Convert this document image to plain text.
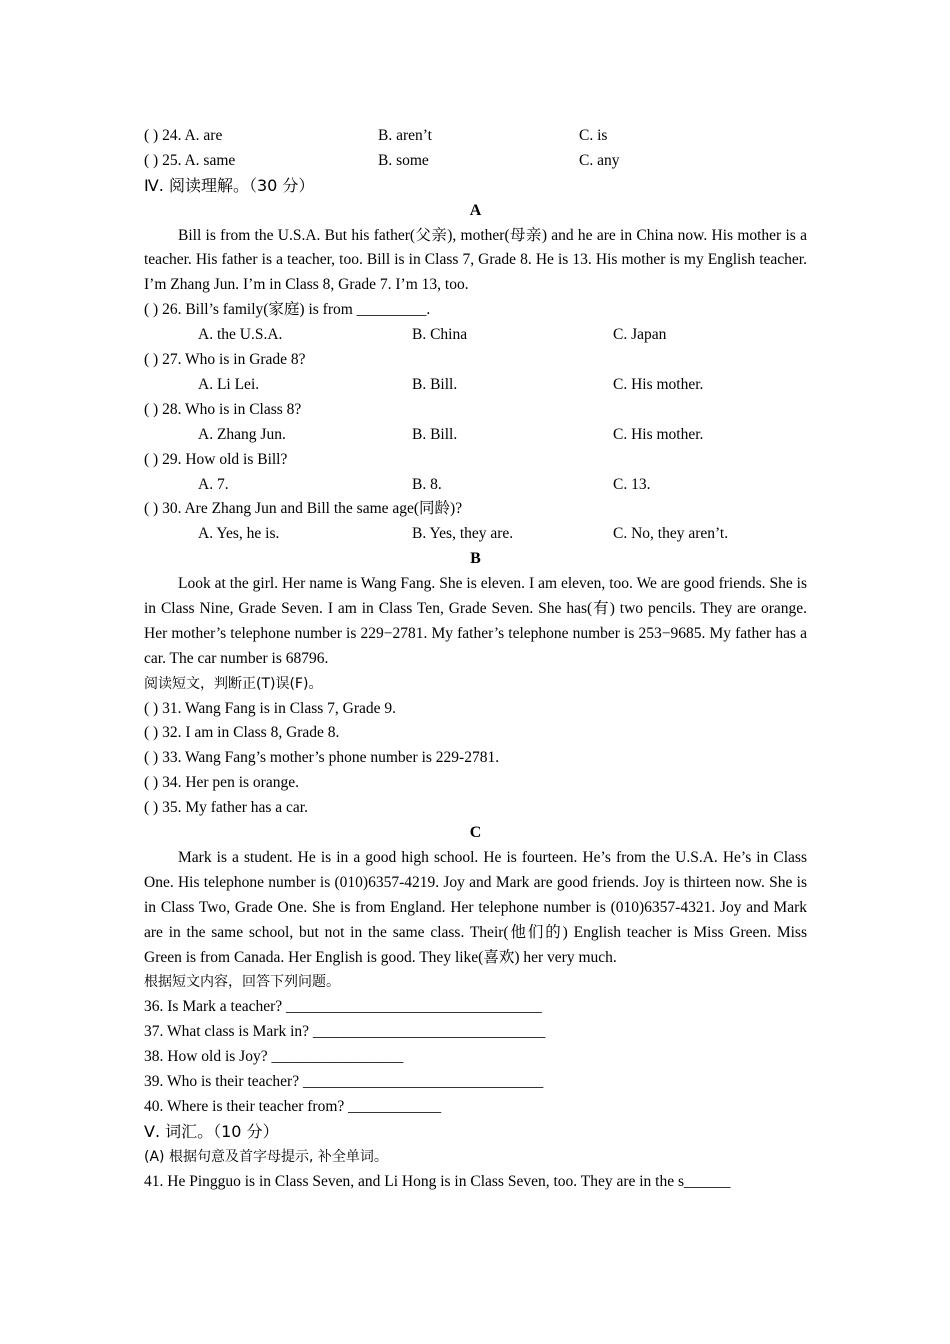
( ) 24. A. are	B. aren’t	C. is
( ) 25. A. same	B. some	C. any
Ⅳ. 阅读理解。（30 分）
A
Bill is from the U.S.A. But his father(父亲), mother(母亲) and he are in China now. His mother is a teacher. His father is a teacher, too. Bill is in Class 7, Grade 8. He is 13. His mother is my English teacher. I’m Zhang Jun. I’m in Class 8, Grade 7. I’m 13, too.
( ) 26. Bill’s family(家庭) is from _________.
A. the U.S.A.	B. China	C. Japan
( ) 27. Who is in Grade 8?
A. Li Lei.	B. Bill.	C. His mother.
( ) 28. Who is in Class 8?
A. Zhang Jun.	B. Bill.	C. His mother.
( ) 29. How old is Bill?
A. 7.	B. 8.	C. 13.
( ) 30. Are Zhang Jun and Bill the same age(同龄)?
A. Yes, he is.	B. Yes, they are.	C. No, they aren’t.
B
Look at the girl. Her name is Wang Fang. She is eleven. I am eleven, too. We are good friends. She is in Class Nine, Grade Seven. I am in Class Ten, Grade Seven. She has(有) two pencils. They are orange. Her mother’s telephone number is 229−2781. My father’s telephone number is 253−9685. My father has a car. The car number is 68796.
阅读短文，判断正(T)误(F)。
( ) 31. Wang Fang is in Class 7, Grade 9.
( ) 32. I am in Class 8, Grade 8.
( ) 33. Wang Fang’s mother’s phone number is 229-2781.
( ) 34. Her pen is orange.
( ) 35. My father has a car.
C
Mark is a student. He is in a good high school. He is fourteen. He’s from the U.S.A. He’s in Class One. His telephone number is (010)6357-4219. Joy and Mark are good friends. Joy is thirteen now. She is in Class Two, Grade One. She is from England. Her telephone number is (010)6357-4321. Joy and Mark are in the same school, but not in the same class. Their(他们的) English teacher is Miss Green. Miss Green is from Canada. Her English is good. They like(喜欢) her very much.
根据短文内容，回答下列问题。
36. Is Mark a teacher? _________________________________
37. What class is Mark in? ______________________________
38. How old is Joy? _________________
39. Who is their teacher? _______________________________
40. Where is their teacher from? ____________
Ⅴ. 词汇。（10 分）
(A) 根据句意及首字母提示, 补全单词。
41. He Pingguo is in Class Seven, and Li Hong is in Class Seven, too. They are in the s______
